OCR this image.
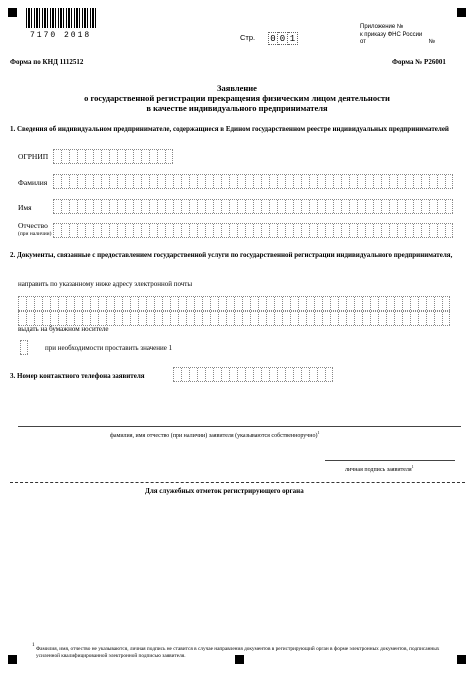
7170 2018	Стр. 0 0 1
Приложение №
к приказу ФНС России
от	№
Форма по КНД 1112512	Форма № Р26001
Заявление
о государственной регистрации прекращения физическим лицом деятельности
в качестве индивидуального предпринимателя
1. Сведения об индивидуальном предпринимателе, содержащиеся в Едином государственном реестре индивидуальных предпринимателей
ОГРНИП
Фамилия
Имя
Отчество
(при наличии)
2. Документы, связанные с предоставлением государственной услуги по государственной регистрации индивидуального предпринимателя,
направить по указанному ниже адресу электронной почты
выдать на бумажном носителе
при необходимости проставить значение 1
3. Номер контактного телефона заявителя
фамилия, имя отчество (при наличии) заявителя (указываются собственноручно)$^1$
личная подпись заявителя$^1$
Для служебных отметок регистрирующего органа
1
Фамилия, имя, отчество не указываются, личная подпись не ставится в случае направления документов в регистрирующий орган в форме электронных документов, подписанных усиленной квалифицированной электронной подписью заявителя.
